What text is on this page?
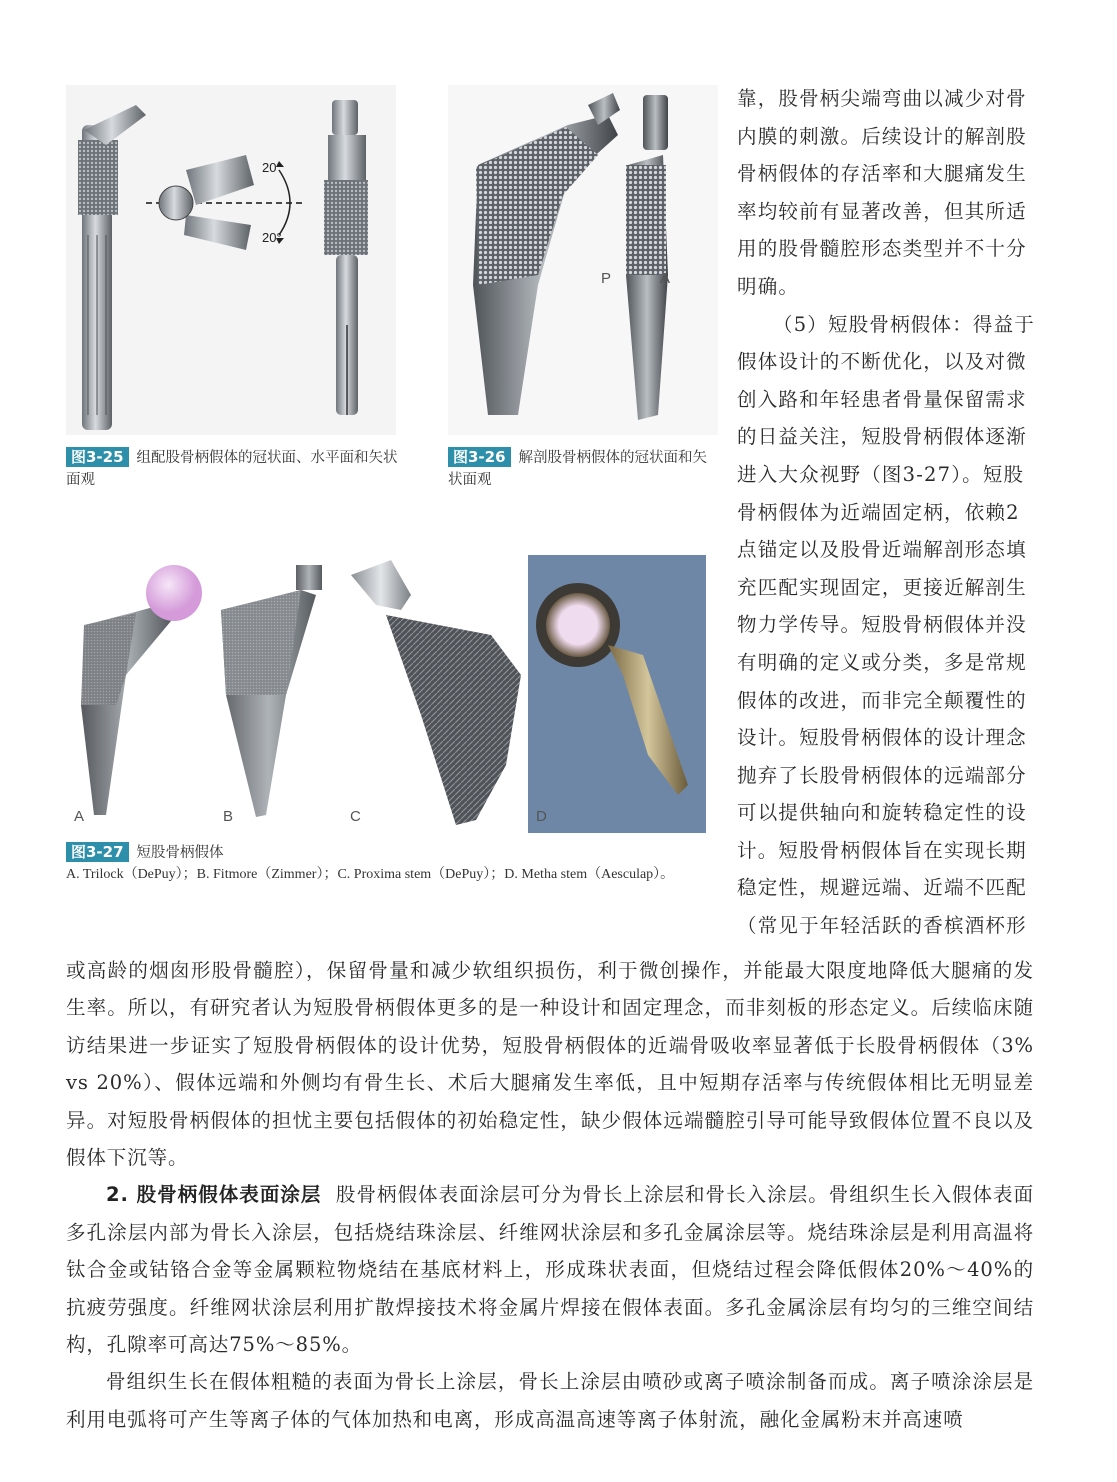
20°
20°
图3-25 组配股骨柄假体的冠状面、水平面和矢状面观
P	A
图3-26 解剖股骨柄假体的冠状面和矢状面观
A	B	C	D
图3-27 短股骨柄假体
A. Trilock（DePuy）；B. Fitmore（Zimmer）；C. Proxima stem（DePuy）；D. Metha stem（Aesculap）。

靠，股骨柄尖端弯曲以减少对骨内膜的刺激。后续设计的解剖股骨柄假体的存活率和大腿痛发生率均较前有显著改善，但其所适用的股骨髓腔形态类型并不十分明确。

（5）短股骨柄假体：得益于假体设计的不断优化，以及对微创入路和年轻患者骨量保留需求的日益关注，短股骨柄假体逐渐进入大众视野（图3-27）。短股骨柄假体为近端固定柄，依赖2点锚定以及股骨近端解剖形态填充匹配实现固定，更接近解剖生物力学传导。短股骨柄假体并没有明确的定义或分类，多是常规假体的改进，而非完全颠覆性的设计。短股骨柄假体的设计理念抛弃了长股骨柄假体的远端部分可以提供轴向和旋转稳定性的设计。短股骨柄假体旨在实现长期稳定性，规避远端、近端不匹配（常见于年轻活跃的香槟酒杯形

或高龄的烟囱形股骨髓腔），保留骨量和减少软组织损伤，利于微创操作，并能最大限度地降低大腿痛的发生率。所以，有研究者认为短股骨柄假体更多的是一种设计和固定理念，而非刻板的形态定义。后续临床随访结果进一步证实了短股骨柄假体的设计优势，短股骨柄假体的近端骨吸收率显著低于长股骨柄假体（3% vs 20%）、假体远端和外侧均有骨生长、术后大腿痛发生率低，且中短期存活率与传统假体相比无明显差异。对短股骨柄假体的担忧主要包括假体的初始稳定性，缺少假体远端髓腔引导可能导致假体位置不良以及假体下沉等。

2. 股骨柄假体表面涂层 股骨柄假体表面涂层可分为骨长上涂层和骨长入涂层。骨组织生长入假体表面多孔涂层内部为骨长入涂层，包括烧结珠涂层、纤维网状涂层和多孔金属涂层等。烧结珠涂层是利用高温将钛合金或钴铬合金等金属颗粒物烧结在基底材料上，形成珠状表面，但烧结过程会降低假体20%～40%的抗疲劳强度。纤维网状涂层利用扩散焊接技术将金属片焊接在假体表面。多孔金属涂层有均匀的三维空间结构，孔隙率可高达75%～85%。

骨组织生长在假体粗糙的表面为骨长上涂层，骨长上涂层由喷砂或离子喷涂制备而成。离子喷涂涂层是利用电弧将可产生等离子体的气体加热和电离，形成高温高速等离子体射流，融化金属粉末并高速喷
